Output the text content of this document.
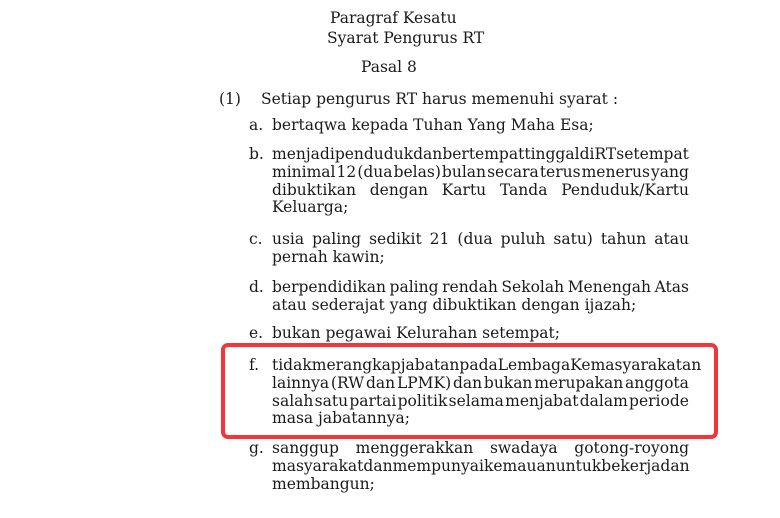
Paragraf Kesatu
Syarat Pengurus RT
Pasal 8
(1) Setiap pengurus RT harus memenuhi syarat :
a. bertaqwa kepada Tuhan Yang Maha Esa;
b. menjadi penduduk dan bertempat tinggal di RT setempat
minimal 12 (dua belas) bulan secara terus menerus yang
dibuktikan dengan Kartu Tanda Penduduk/Kartu
Keluarga;
c. usia paling sedikit 21 (dua puluh satu) tahun atau
pernah kawin;
d. berpendidikan paling rendah Sekolah Menengah Atas
atau sederajat yang dibuktikan dengan ijazah;
e. bukan pegawai Kelurahan setempat;
f. tidak merangkap jabatan pada Lembaga Kemasyarakatan
lainnya (RW dan LPMK) dan bukan merupakan anggota
salah satu partai politik selama menjabat dalam periode
masa jabatannya;
g. sanggup menggerakkan swadaya gotong-royong
masyarakat dan mempunyai kemauan untuk bekerja dan
membangun;
